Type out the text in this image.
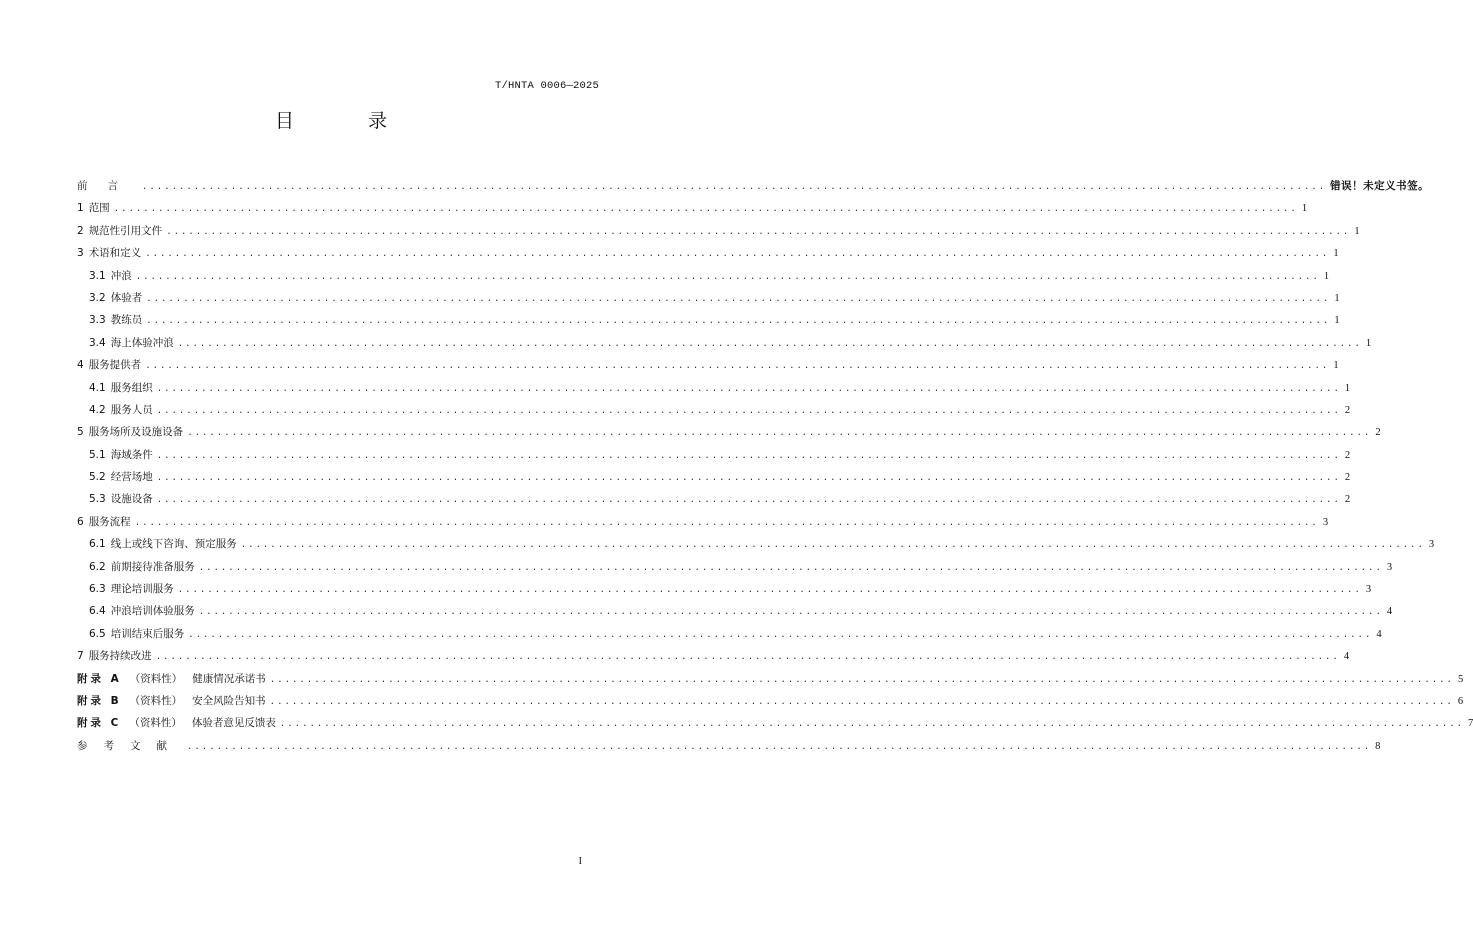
T/HNTA 0006—2025
目 录
前言 ................................................................................................................................................................ 错误！未定义书签。
1 范围 ................................................................................................................................................................ 1
2 规范性引用文件 ................................................................................................................................................................ 1
3 术语和定义 ................................................................................................................................................................ 1
3.1 冲浪 ................................................................................................................................................................ 1
3.2 体验者 ................................................................................................................................................................ 1
3.3 教练员 ................................................................................................................................................................ 1
3.4 海上体验冲浪 ................................................................................................................................................................ 1
4 服务提供者 ................................................................................................................................................................ 1
4.1 服务组织 ................................................................................................................................................................ 1
4.2 服务人员 ................................................................................................................................................................ 2
5 服务场所及设施设备 ................................................................................................................................................................ 2
5.1 海域条件 ................................................................................................................................................................ 2
5.2 经营场地 ................................................................................................................................................................ 2
5.3 设施设备 ................................................................................................................................................................ 2
6 服务流程 ................................................................................................................................................................ 3
6.1 线上或线下咨询、预定服务 ................................................................................................................................................................ 3
6.2 前期接待准备服务 ................................................................................................................................................................ 3
6.3 理论培训服务 ................................................................................................................................................................ 3
6.4 冲浪培训体验服务 ................................................................................................................................................................ 4
6.5 培训结束后服务 ................................................................................................................................................................ 4
7 服务持续改进 ................................................................................................................................................................ 4
附录 A （资料性） 健康情况承诺书 ................................................................................................................................................................ 5
附录 B （资料性） 安全风险告知书 ................................................................................................................................................................ 6
附录 C （资料性） 体验者意见反馈表 ................................................................................................................................................................ 7
参考文献 ................................................................................................................................................................ 8
I
